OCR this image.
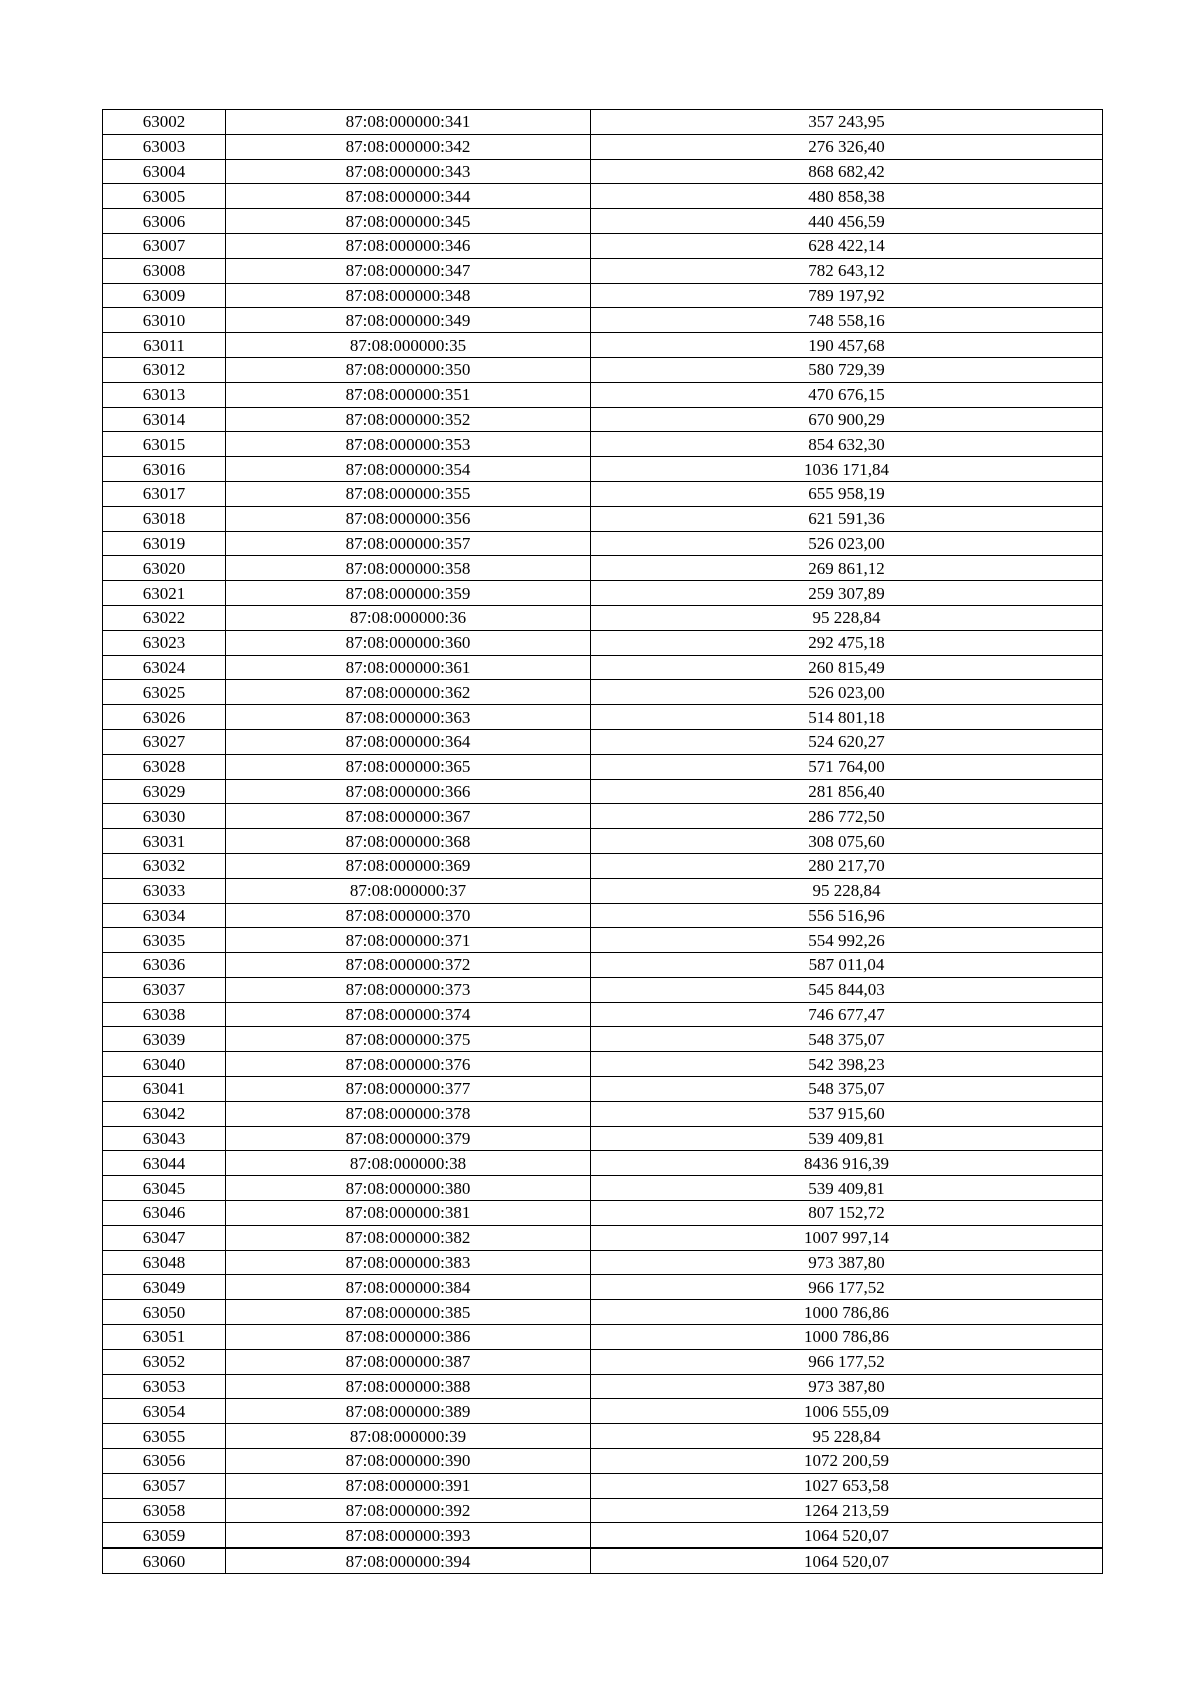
63002	87:08:000000:341	357 243,95
63003	87:08:000000:342	276 326,40
63004	87:08:000000:343	868 682,42
63005	87:08:000000:344	480 858,38
63006	87:08:000000:345	440 456,59
63007	87:08:000000:346	628 422,14
63008	87:08:000000:347	782 643,12
63009	87:08:000000:348	789 197,92
63010	87:08:000000:349	748 558,16
63011	87:08:000000:35	190 457,68
63012	87:08:000000:350	580 729,39
63013	87:08:000000:351	470 676,15
63014	87:08:000000:352	670 900,29
63015	87:08:000000:353	854 632,30
63016	87:08:000000:354	1036 171,84
63017	87:08:000000:355	655 958,19
63018	87:08:000000:356	621 591,36
63019	87:08:000000:357	526 023,00
63020	87:08:000000:358	269 861,12
63021	87:08:000000:359	259 307,89
63022	87:08:000000:36	95 228,84
63023	87:08:000000:360	292 475,18
63024	87:08:000000:361	260 815,49
63025	87:08:000000:362	526 023,00
63026	87:08:000000:363	514 801,18
63027	87:08:000000:364	524 620,27
63028	87:08:000000:365	571 764,00
63029	87:08:000000:366	281 856,40
63030	87:08:000000:367	286 772,50
63031	87:08:000000:368	308 075,60
63032	87:08:000000:369	280 217,70
63033	87:08:000000:37	95 228,84
63034	87:08:000000:370	556 516,96
63035	87:08:000000:371	554 992,26
63036	87:08:000000:372	587 011,04
63037	87:08:000000:373	545 844,03
63038	87:08:000000:374	746 677,47
63039	87:08:000000:375	548 375,07
63040	87:08:000000:376	542 398,23
63041	87:08:000000:377	548 375,07
63042	87:08:000000:378	537 915,60
63043	87:08:000000:379	539 409,81
63044	87:08:000000:38	8436 916,39
63045	87:08:000000:380	539 409,81
63046	87:08:000000:381	807 152,72
63047	87:08:000000:382	1007 997,14
63048	87:08:000000:383	973 387,80
63049	87:08:000000:384	966 177,52
63050	87:08:000000:385	1000 786,86
63051	87:08:000000:386	1000 786,86
63052	87:08:000000:387	966 177,52
63053	87:08:000000:388	973 387,80
63054	87:08:000000:389	1006 555,09
63055	87:08:000000:39	95 228,84
63056	87:08:000000:390	1072 200,59
63057	87:08:000000:391	1027 653,58
63058	87:08:000000:392	1264 213,59
63059	87:08:000000:393	1064 520,07
63060	87:08:000000:394	1064 520,07
